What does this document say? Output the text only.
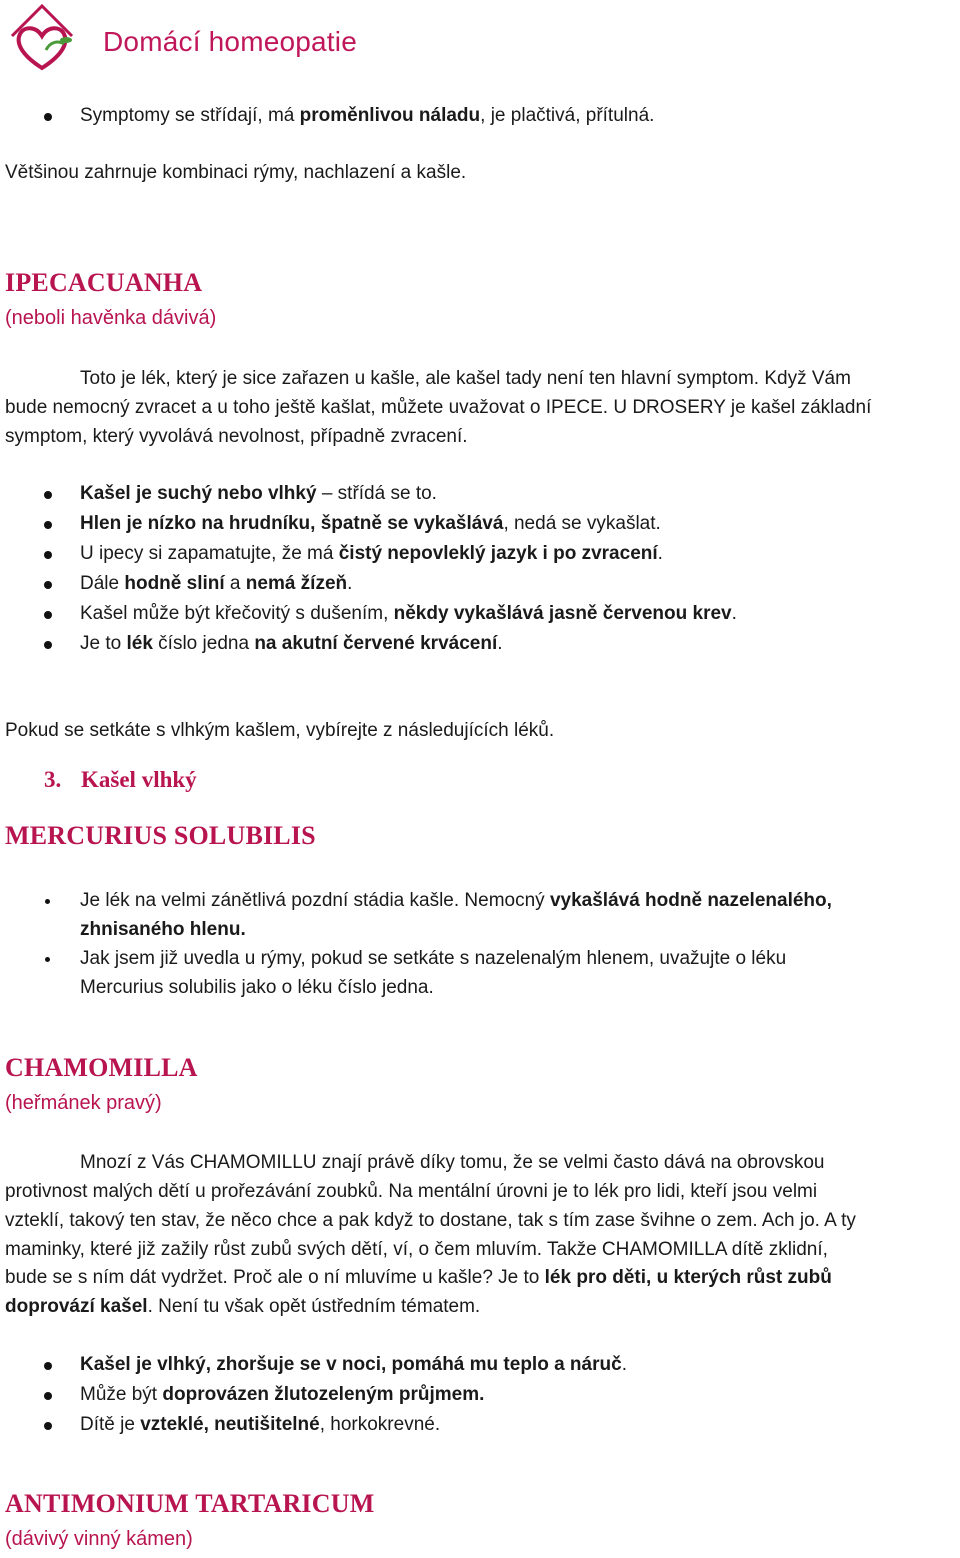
Domácí homeopatie
Symptomy se střídají, má proměnlivou náladu, je plačtivá, přítulná.
Většinou zahrnuje kombinaci rýmy, nachlazení a kašle.
IPECACUANHA
(neboli havěnka dávivá)
Toto je lék, který je sice zařazen u kašle, ale kašel tady není ten hlavní symptom. Když Vám
bude nemocný zvracet a u toho ještě kašlat, můžete uvažovat o IPECE. U DROSERY je kašel základní
symptom, který vyvolává nevolnost, případně zvracení.
Kašel je suchý nebo vlhký – střídá se to.
Hlen je nízko na hrudníku, špatně se vykašlává, nedá se vykašlat.
U ipecy si zapamatujte, že má čistý nepovleklý jazyk i po zvracení.
Dále hodně sliní a nemá žízeň.
Kašel může být křečovitý s dušením, někdy vykašlává jasně červenou krev.
Je to lék číslo jedna na akutní červené krvácení.
Pokud se setkáte s vlhkým kašlem, vybírejte z následujících léků.
3. Kašel vlhký
MERCURIUS SOLUBILIS
Je lék na velmi zánětlivá pozdní stádia kašle. Nemocný vykašlává hodně nazelenalého,
zhnisaného hlenu.
Jak jsem již uvedla u rýmy, pokud se setkáte s nazelenalým hlenem, uvažujte o léku
Mercurius solubilis jako o léku číslo jedna.
CHAMOMILLA
(heřmánek pravý)
Mnozí z Vás CHAMOMILLU znají právě díky tomu, že se velmi často dává na obrovskou
protivnost malých dětí u prořezávání zoubků. Na mentální úrovni je to lék pro lidi, kteří jsou velmi
vzteklí, takový ten stav, že něco chce a pak když to dostane, tak s tím zase švihne o zem. Ach jo. A ty
maminky, které již zažily růst zubů svých dětí, ví, o čem mluvím. Takže CHAMOMILLA dítě zklidní,
bude se s ním dát vydržet. Proč ale o ní mluvíme u kašle? Je to lék pro děti, u kterých růst zubů
doprovází kašel. Není tu však opět ústředním tématem.
Kašel je vlhký, zhoršuje se v noci, pomáhá mu teplo a náruč.
Může být doprovázen žlutozeleným průjmem.
Dítě je vzteklé, neutišitelné, horkokrevné.
ANTIMONIUM TARTARICUM
(dávivý vinný kámen)
